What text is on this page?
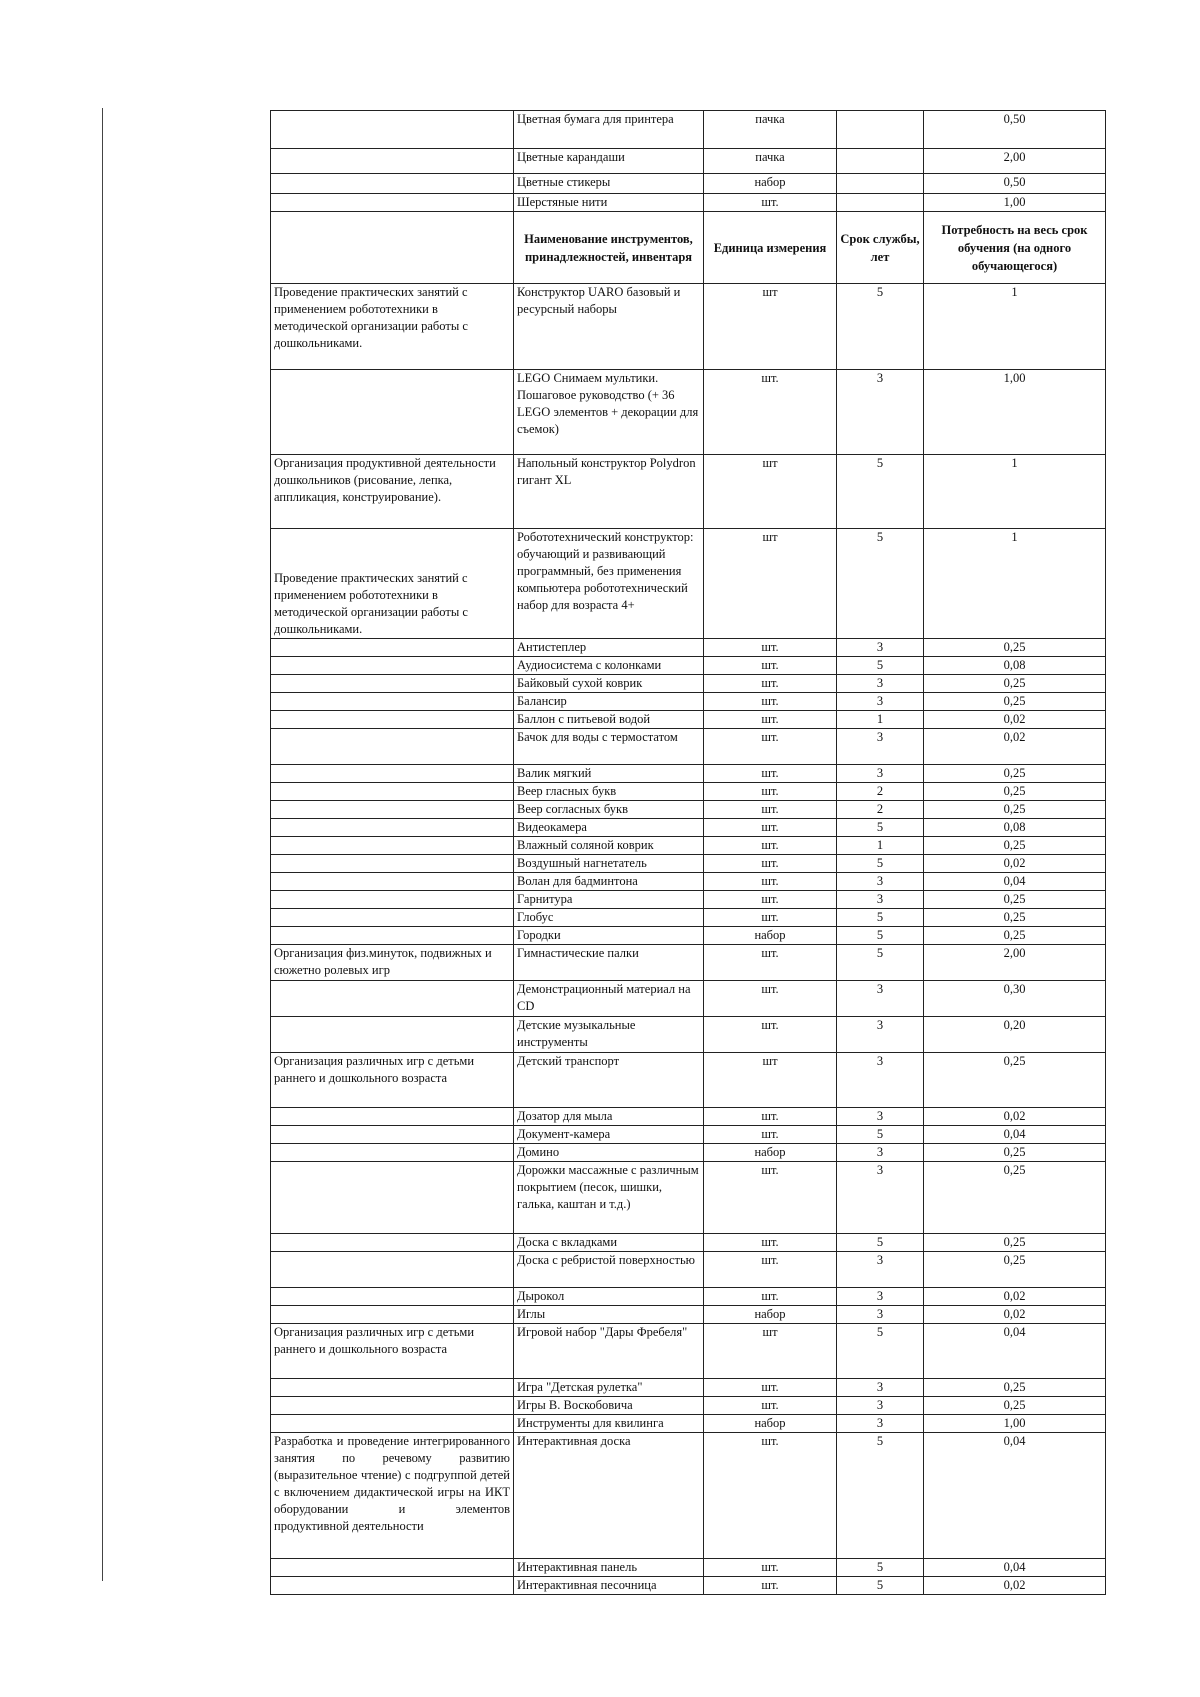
	Цветная бумага для принтера	пачка		0,50
	Цветные карандаши	пачка		2,00
	Цветные стикеры	набор		0,50
	Шерстяные нити	шт.		1,00
	Наименование инструментов, принадлежностей, инвентаря	Единица измерения	Срок службы, лет	Потребность на весь срок обучения (на одного обучающегося)
Проведение практических занятий с применением робототехники в методической организации работы с дошкольниками.	Конструктор UARO базовый и ресурсный наборы	шт	5	1
	LEGO Снимаем мультики. Пошаговое руководство (+ 36 LEGO элементов + декорации для съемок)	шт.	3	1,00
Организация продуктивной деятельности дошкольников (рисование, лепка, аппликация, конструирование).	Напольный конструктор Polydron гигант XL	шт	5	1
Проведение практических занятий с применением робототехники в методической организации работы с дошкольниками.	Робототехнический конструктор: обучающий и развивающий программный, без применения компьютера робототехнический набор для возраста 4+	шт	5	1
	Антистеплер	шт.	3	0,25
	Аудиосистема с колонками	шт.	5	0,08
	Байковый сухой коврик	шт.	3	0,25
	Балансир	шт.	3	0,25
	Баллон с питьевой водой	шт.	1	0,02
	Бачок для воды с термостатом	шт.	3	0,02
	Валик мягкий	шт.	3	0,25
	Веер гласных букв	шт.	2	0,25
	Веер согласных букв	шт.	2	0,25
	Видеокамера	шт.	5	0,08
	Влажный соляной коврик	шт.	1	0,25
	Воздушный нагнетатель	шт.	5	0,02
	Волан для бадминтона	шт.	3	0,04
	Гарнитура	шт.	3	0,25
	Глобус	шт.	5	0,25
	Городки	набор	5	0,25
Организация физ.минуток, подвижных и сюжетно ролевых игр	Гимнастические палки	шт.	5	2,00
	Демонстрационный материал на CD	шт.	3	0,30
	Детские музыкальные инструменты	шт.	3	0,20
Организация различных игр с детьми раннего и дошкольного возраста	Детский транспорт	шт	3	0,25
	Дозатор для мыла	шт.	3	0,02
	Документ-камера	шт.	5	0,04
	Домино	набор	3	0,25
	Дорожки массажные с различным покрытием (песок, шишки, галька, каштан и т.д.)	шт.	3	0,25
	Доска с вкладками	шт.	5	0,25
	Доска с ребристой поверхностью	шт.	3	0,25
	Дырокол	шт.	3	0,02
	Иглы	набор	3	0,02
Организация различных игр с детьми раннего и дошкольного возраста	Игровой набор "Дары Фребеля"	шт	5	0,04
	Игра "Детская рулетка"	шт.	3	0,25
	Игры В. Воскобовича	шт.	3	0,25
	Инструменты для квилинга	набор	3	1,00
Разработка и проведение интегрированного занятия по речевому развитию (выразительное чтение) с подгруппой детей с включением дидактической игры на ИКТ оборудовании и элементов
продуктивной деятельности	Интерактивная доска	шт.	5	0,04
	Интерактивная панель	шт.	5	0,04
	Интерактивная песочница	шт.	5	0,02
